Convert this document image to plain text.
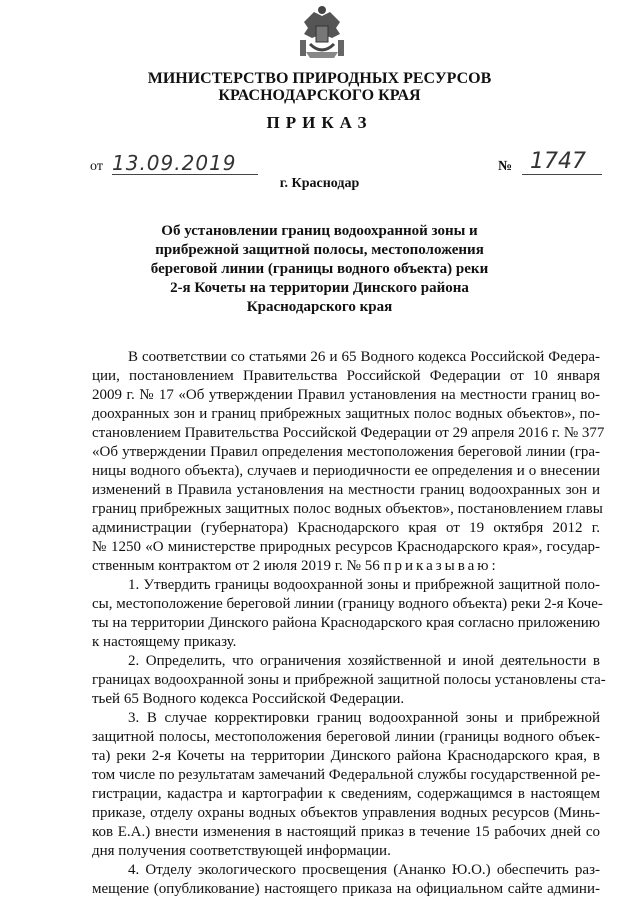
МИНИСТЕРСТВО ПРИРОДНЫХ РЕСУРСОВ
КРАСНОДАРСКОГО КРАЯ
ПРИКАЗ
от 13.09.2019	№ 1747
г. Краснодар
Об установлении границ водоохранной зоны и
прибрежной защитной полосы, местоположения
береговой линии (границы водного объекта) реки
2-я Кочеты на территории Динского района
Краснодарского края
В соответствии со статьями 26 и 65 Водного кодекса Российской Федера-
ции, постановлением Правительства Российской Федерации от 10 января
2009 г. № 17 «Об утверждении Правил установления на местности границ во-
доохранных зон и границ прибрежных защитных полос водных объектов», по-
становлением Правительства Российской Федерации от 29 апреля 2016 г. № 377
«Об утверждении Правил определения местоположения береговой линии (гра-
ницы водного объекта), случаев и периодичности ее определения и о внесении
изменений в Правила установления на местности границ водоохранных зон и
границ прибрежных защитных полос водных объектов», постановлением главы
администрации (губернатора) Краснодарского края от 19 октября 2012 г.
№ 1250 «О министерстве природных ресурсов Краснодарского края», государ-
ственным контрактом от 2 июля 2019 г. № 56 приказываю:
1. Утвердить границы водоохранной зоны и прибрежной защитной поло-
сы, местоположение береговой линии (границу водного объекта) реки 2-я Коче-
ты на территории Динского района Краснодарского края согласно приложению
к настоящему приказу.
2. Определить, что ограничения хозяйственной и иной деятельности в
границах водоохранной зоны и прибрежной защитной полосы установлены ста-
тьей 65 Водного кодекса Российской Федерации.
3. В случае корректировки границ водоохранной зоны и прибрежной
защитной полосы, местоположения береговой линии (границы водного объек-
та) реки 2-я Кочеты на территории Динского района Краснодарского края, в
том числе по результатам замечаний Федеральной службы государственной ре-
гистрации, кадастра и картографии к сведениям, содержащимся в настоящем
приказе, отделу охраны водных объектов управления водных ресурсов (Минь-
ков Е.А.) внести изменения в настоящий приказ в течение 15 рабочих дней со
дня получения соответствующей информации.
4. Отделу экологического просвещения (Ананко Ю.О.) обеспечить раз-
мещение (опубликование) настоящего приказа на официальном сайте админи-
